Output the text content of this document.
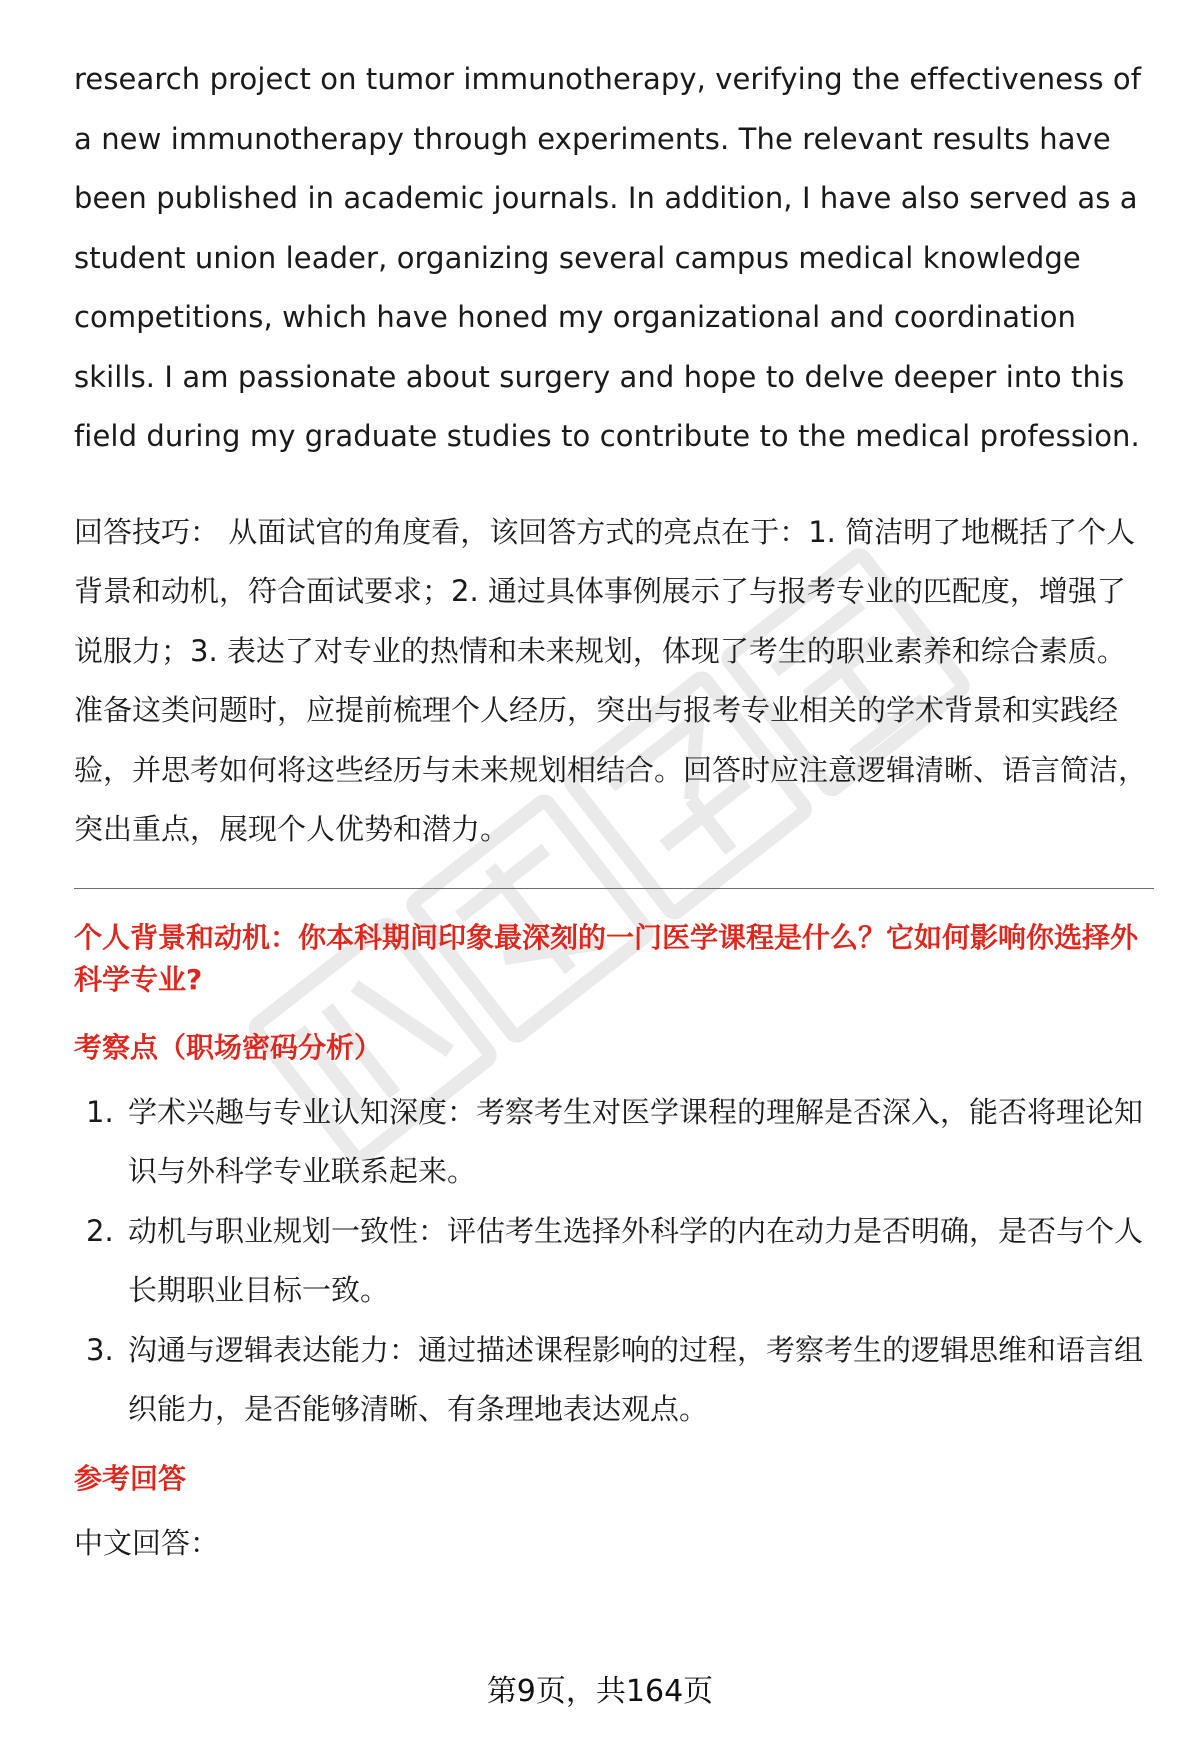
research project on tumor immunotherapy, verifying the effectiveness of a new immunotherapy through experiments. The relevant results have been published in academic journals. In addition, I have also served as a student union leader, organizing several campus medical knowledge competitions, which have honed my organizational and coordination skills. I am passionate about surgery and hope to delve deeper into this field during my graduate studies to contribute to the medical profession.

回答技巧： 从面试官的角度看，该回答方式的亮点在于：1. 简洁明了地概括了个人背景和动机，符合面试要求；2. 通过具体事例展示了与报考专业的匹配度，增强了说服力；3. 表达了对专业的热情和未来规划，体现了考生的职业素养和综合素质。准备这类问题时，应提前梳理个人经历，突出与报考专业相关的学术背景和实践经验，并思考如何将这些经历与未来规划相结合。回答时应注意逻辑清晰、语言简洁，突出重点，展现个人优势和潜力。

个人背景和动机：你本科期间印象最深刻的一门医学课程是什么？它如何影响你选择外科学专业?
考察点（职场密码分析）
1. 学术兴趣与专业认知深度：考察考生对医学课程的理解是否深入，能否将理论知识与外科学专业联系起来。
2. 动机与职业规划一致性：评估考生选择外科学的内在动力是否明确，是否与个人长期职业目标一致。
3. 沟通与逻辑表达能力：通过描述课程影响的过程，考察考生的逻辑思维和语言组织能力，是否能够清晰、有条理地表达观点。
参考回答

中文回答：

第9页，共164页
